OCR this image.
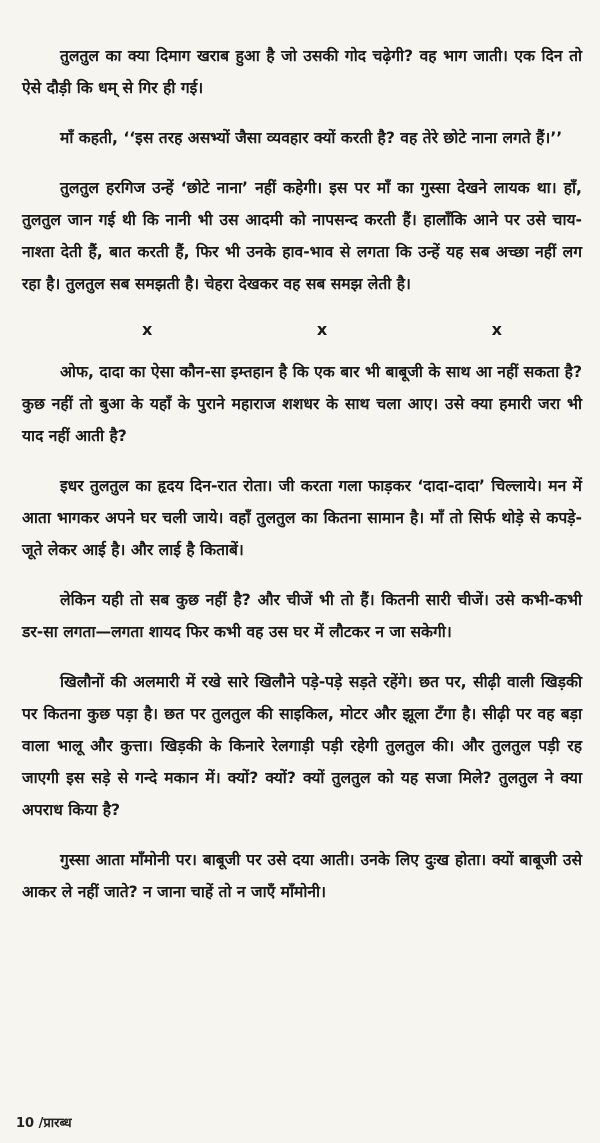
तुलतुल का क्या दिमाग खराब हुआ है जो उसकी गोद चढ़ेगी? वह भाग जाती। एक दिन तो ऐसे दौड़ी कि धम् से गिर ही गई।

माँ कहती, ‘‘इस तरह असभ्यों जैसा व्यवहार क्यों करती है? वह तेरे छोटे नाना लगते हैं।’’

तुलतुल हरगिज उन्हें ‘छोटे नाना’ नहीं कहेगी। इस पर माँ का गुस्सा देखने लायक था। हाँ, तुलतुल जान गई थी कि नानी भी उस आदमी को नापसन्द करती हैं। हालाँकि आने पर उसे चाय-नाश्ता देती हैं, बात करती हैं, फिर भी उनके हाव-भाव से लगता कि उन्हें यह सब अच्छा नहीं लग रहा है। तुलतुल सब समझती है। चेहरा देखकर वह सब समझ लेती है।

x	x	x

ओफ, दादा का ऐसा कौन-सा इम्तहान है कि एक बार भी बाबूजी के साथ आ नहीं सकता है? कुछ नहीं तो बुआ के यहाँ के पुराने महाराज शशधर के साथ चला आए। उसे क्या हमारी जरा भी याद नहीं आती है?

इधर तुलतुल का हृदय दिन-रात रोता। जी करता गला फाड़कर ‘दादा-दादा’ चिल्लाये। मन में आता भागकर अपने घर चली जाये। वहाँ तुलतुल का कितना सामान है। माँ तो सिर्फ थोड़े से कपड़े-जूते लेकर आई है। और लाई है किताबें।

लेकिन यही तो सब कुछ नहीं है? और चीजें भी तो हैं। कितनी सारी चीजें। उसे कभी-कभी डर-सा लगता—लगता शायद फिर कभी वह उस घर में लौटकर न जा सकेगी।

खिलौनों की अलमारी में रखे सारे खिलौने पड़े-पड़े सड़ते रहेंगे। छत पर, सीढ़ी वाली खिड़की पर कितना कुछ पड़ा है। छत पर तुलतुल की साइकिल, मोटर और झूला टँगा है। सीढ़ी पर वह बड़ा वाला भालू और कुत्ता। खिड़की के किनारे रेलगाड़ी पड़ी रहेगी तुलतुल की। और तुलतुल पड़ी रह जाएगी इस सड़े से गन्दे मकान में। क्यों? क्यों? क्यों तुलतुल को यह सजा मिले? तुलतुल ने क्या अपराध किया है?

गुस्सा आता माँमोनी पर। बाबूजी पर उसे दया आती। उनके लिए दुःख होता। क्यों बाबूजी उसे आकर ले नहीं जाते? न जाना चाहें तो न जाएँ माँमोनी।

10 /प्रारब्ध
